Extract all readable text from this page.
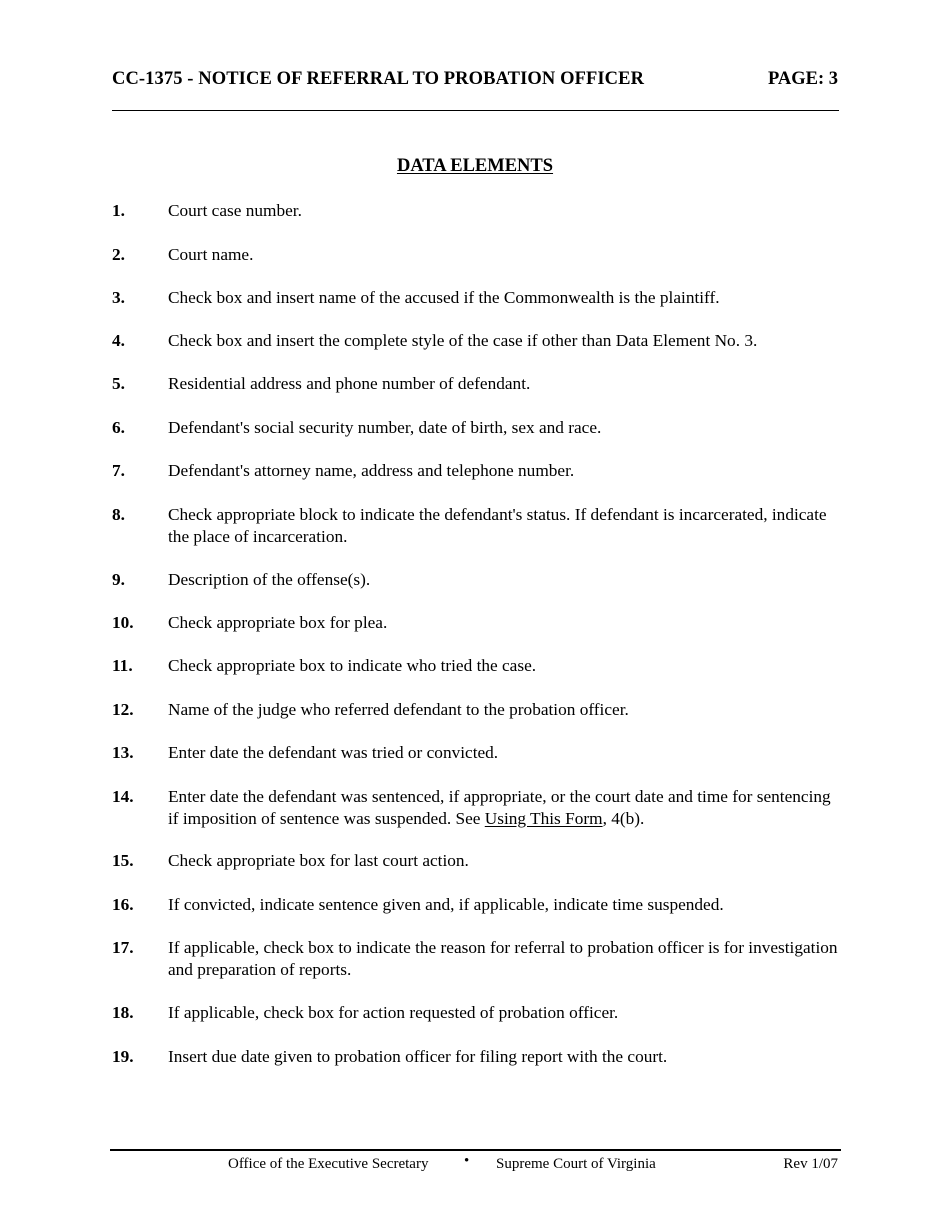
CC-1375 - NOTICE OF REFERRAL TO PROBATION OFFICER	PAGE: 3
DATA ELEMENTS
1. Court case number.
2. Court name.
3. Check box and insert name of the accused if the Commonwealth is the plaintiff.
4. Check box and insert the complete style of the case if other than Data Element No. 3.
5. Residential address and phone number of defendant.
6. Defendant's social security number, date of birth, sex and race.
7. Defendant's attorney name, address and telephone number.
8. Check appropriate block to indicate the defendant's status. If defendant is incarcerated, indicate the place of incarceration.
9. Description of the offense(s).
10. Check appropriate box for plea.
11. Check appropriate box to indicate who tried the case.
12. Name of the judge who referred defendant to the probation officer.
13. Enter date the defendant was tried or convicted.
14. Enter date the defendant was sentenced, if appropriate, or the court date and time for sentencing if imposition of sentence was suspended. See Using This Form, 4(b).
15. Check appropriate box for last court action.
16. If convicted, indicate sentence given and, if applicable, indicate time suspended.
17. If applicable, check box to indicate the reason for referral to probation officer is for investigation and preparation of reports.
18. If applicable, check box for action requested of probation officer.
19. Insert due date given to probation officer for filing report with the court.
Office of the Executive Secretary • Supreme Court of Virginia	Rev 1/07
